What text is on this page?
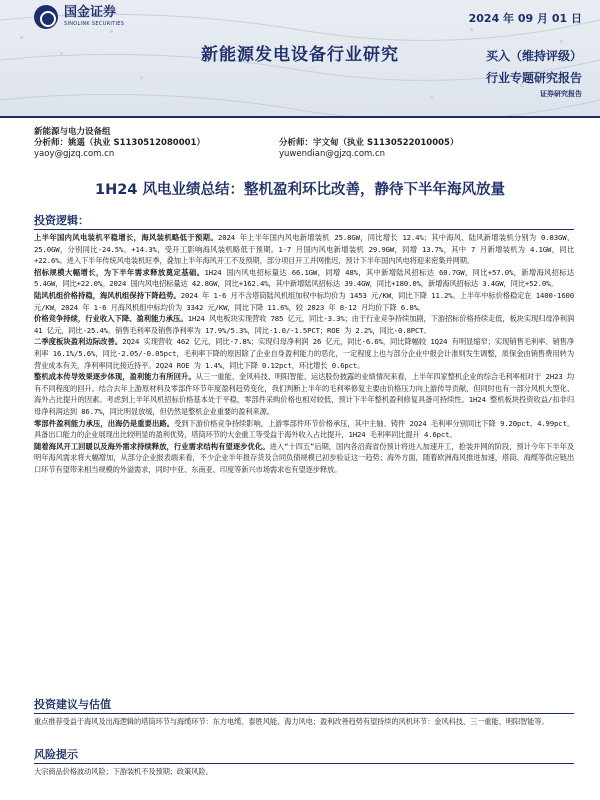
国金证券
SINOLINK SECURITIES	2024 年 09 月 01 日
新能源发电设备行业研究	买入（维持评级）
行业专题研究报告
证券研究报告
新能源与电力设备组
分析师：姚遥（执业 S1130512080001）
yaoy@gjzq.com.cn
分析师：宇文甸（执业 S1130522010005）
yuwendian@gjzq.com.cn
1H24 风电业绩总结：整机盈利环比改善，静待下半年海风放量
投资逻辑：

上半年国内风电装机平稳增长，海风装机略低于预期。2024 年上半年国内风电新增装机 25.8GW，同比增长 12.4%；其中海风、陆风新增装机分别为 0.83GW、25.0GW，分别同比-24.5%、+14.3%，受开工影响海风装机略低于预期。1-7 月国内风电新增装机 29.9GW，同增 13.7%，其中 7 月新增装机为 4.1GW，同比+22.6%。进入下半年传统风电装机旺季，叠加上半年海风开工不及预期，部分项目开工并网推迟，预计下半年国内风电将迎来密集并网期。

招标规模大幅增长，为下半年需求释放奠定基础。1H24 国内风电招标量达 66.1GW，同增 48%，其中新增陆风招标达 60.7GW，同比+57.0%，新增海风招标达 5.4GW，同比+22.0%。2024 国内风电招标量达 42.8GW，同比+162.4%，其中新增陆风招标达 39.4GW，同比+180.0%，新增海风招标达 3.4GW，同比+52.0%。

陆风机组价格持稳，海风机组保持下降趋势。2024 年 1-6 月不含塔筒陆风机组加权中标均价为 1453 元/KW，同比下降 11.2%。上半年中标价格稳定在 1400-1600 元/KW，2024 年 1-6 月海风机组中标均价为 3342 元/KW，同比下降 11.6%，较 2023 年 8-12 月均价下降 6.8%。

价格竞争持续，行业收入下降、盈利能力承压。1H24 风电板块实现营收 785 亿元，同比-3.3%；由于行业竞争持续加剧，下游招标价格持续走低，板块实现归母净利润 41 亿元，同比-25.4%。销售毛利率及销售净利率为 17.9%/5.3%，同比-1.0/-1.5PCT；ROE 为 2.2%，同比-0.8PCT。

二季度板块盈利边际改善。2Q24 实现营收 462 亿元，同比-7.8%；实现归母净利润 26 亿元，同比-6.6%，同比降幅较 1Q24 有明显缩窄；实现销售毛利率、销售净利率 16.1%/5.6%，同比-2.05/-0.05pct，毛利率下降的原因除了企业自身盈利能力的恶化，一定程度上也与部分企业中报会计准则发生调整，质保金由销售费用转为营业成本有关，净利率同比接近持平。2Q24 ROE 为 1.4%，同比下降 0.12pct，环比增长 0.6pct。

整机成本传导效果逐步体现，盈利能力有所回升。从三一重能、金风科技、明阳智能、运达股份披露的业绩情况来看，上半年四家整机企业的综合毛利率相对于 2H23 均有不同程度的回升。结合去年上游原材料及零部件环节年度盈利趋势变化，我们判断上半年的毛利率修复主要由价格压力向上游传导贡献，但同时也有一部分风机大型化、海外占比提升的因素。考虑到上半年风机招标价格基本处于平稳，零部件采购价格也相对较低，预计下半年整机盈利修复具备可持续性。1H24 整机板块投资收益/扣非归母净利润达到 86.7%，同比明显放缓，但仍然是整机企业重要的盈利来源。

零部件盈利能力承压，出海仍是重要出路。受到下游价格竞争持续影响，上游零部件环节价格承压，其中主轴、铸件 2Q24 毛利率分别同比下降 9.20pct、4.99pct。具备出口能力的企业展现出比较明显的盈利优势，塔筒环节的大金重工等受益于海外收入占比提升，1H24 毛利率同比提升 4.6pct。

随着海风开工回暖以及海外需求持续释放，行业需求结构有望逐步优化。进入“十四五”后期，国内各沿海省份预计将进入加速开工，抢装并网的阶段，预计今年下半年及明年海风需求将大幅增加，从部分企业报表端来看，不少企业半年报存货及合同负债规模已初步验证这一趋势；海外方面，随着欧洲海风推进加速，塔筒、海缆等供应链出口环节有望带来相当规模的外溢需求，同时中亚、东南亚、印度等新兴市场需求也有望逐步释放。

投资建议与估值

重点推荐受益于海风及出海逻辑的塔筒环节与海缆环节：东方电缆、泰胜风能、海力风电；盈利改善趋势有望持续的风机环节：金风科技、三一重能、明阳智能等。

风险提示

大宗商品价格波动风险；下游装机不及预期；政策风险。
